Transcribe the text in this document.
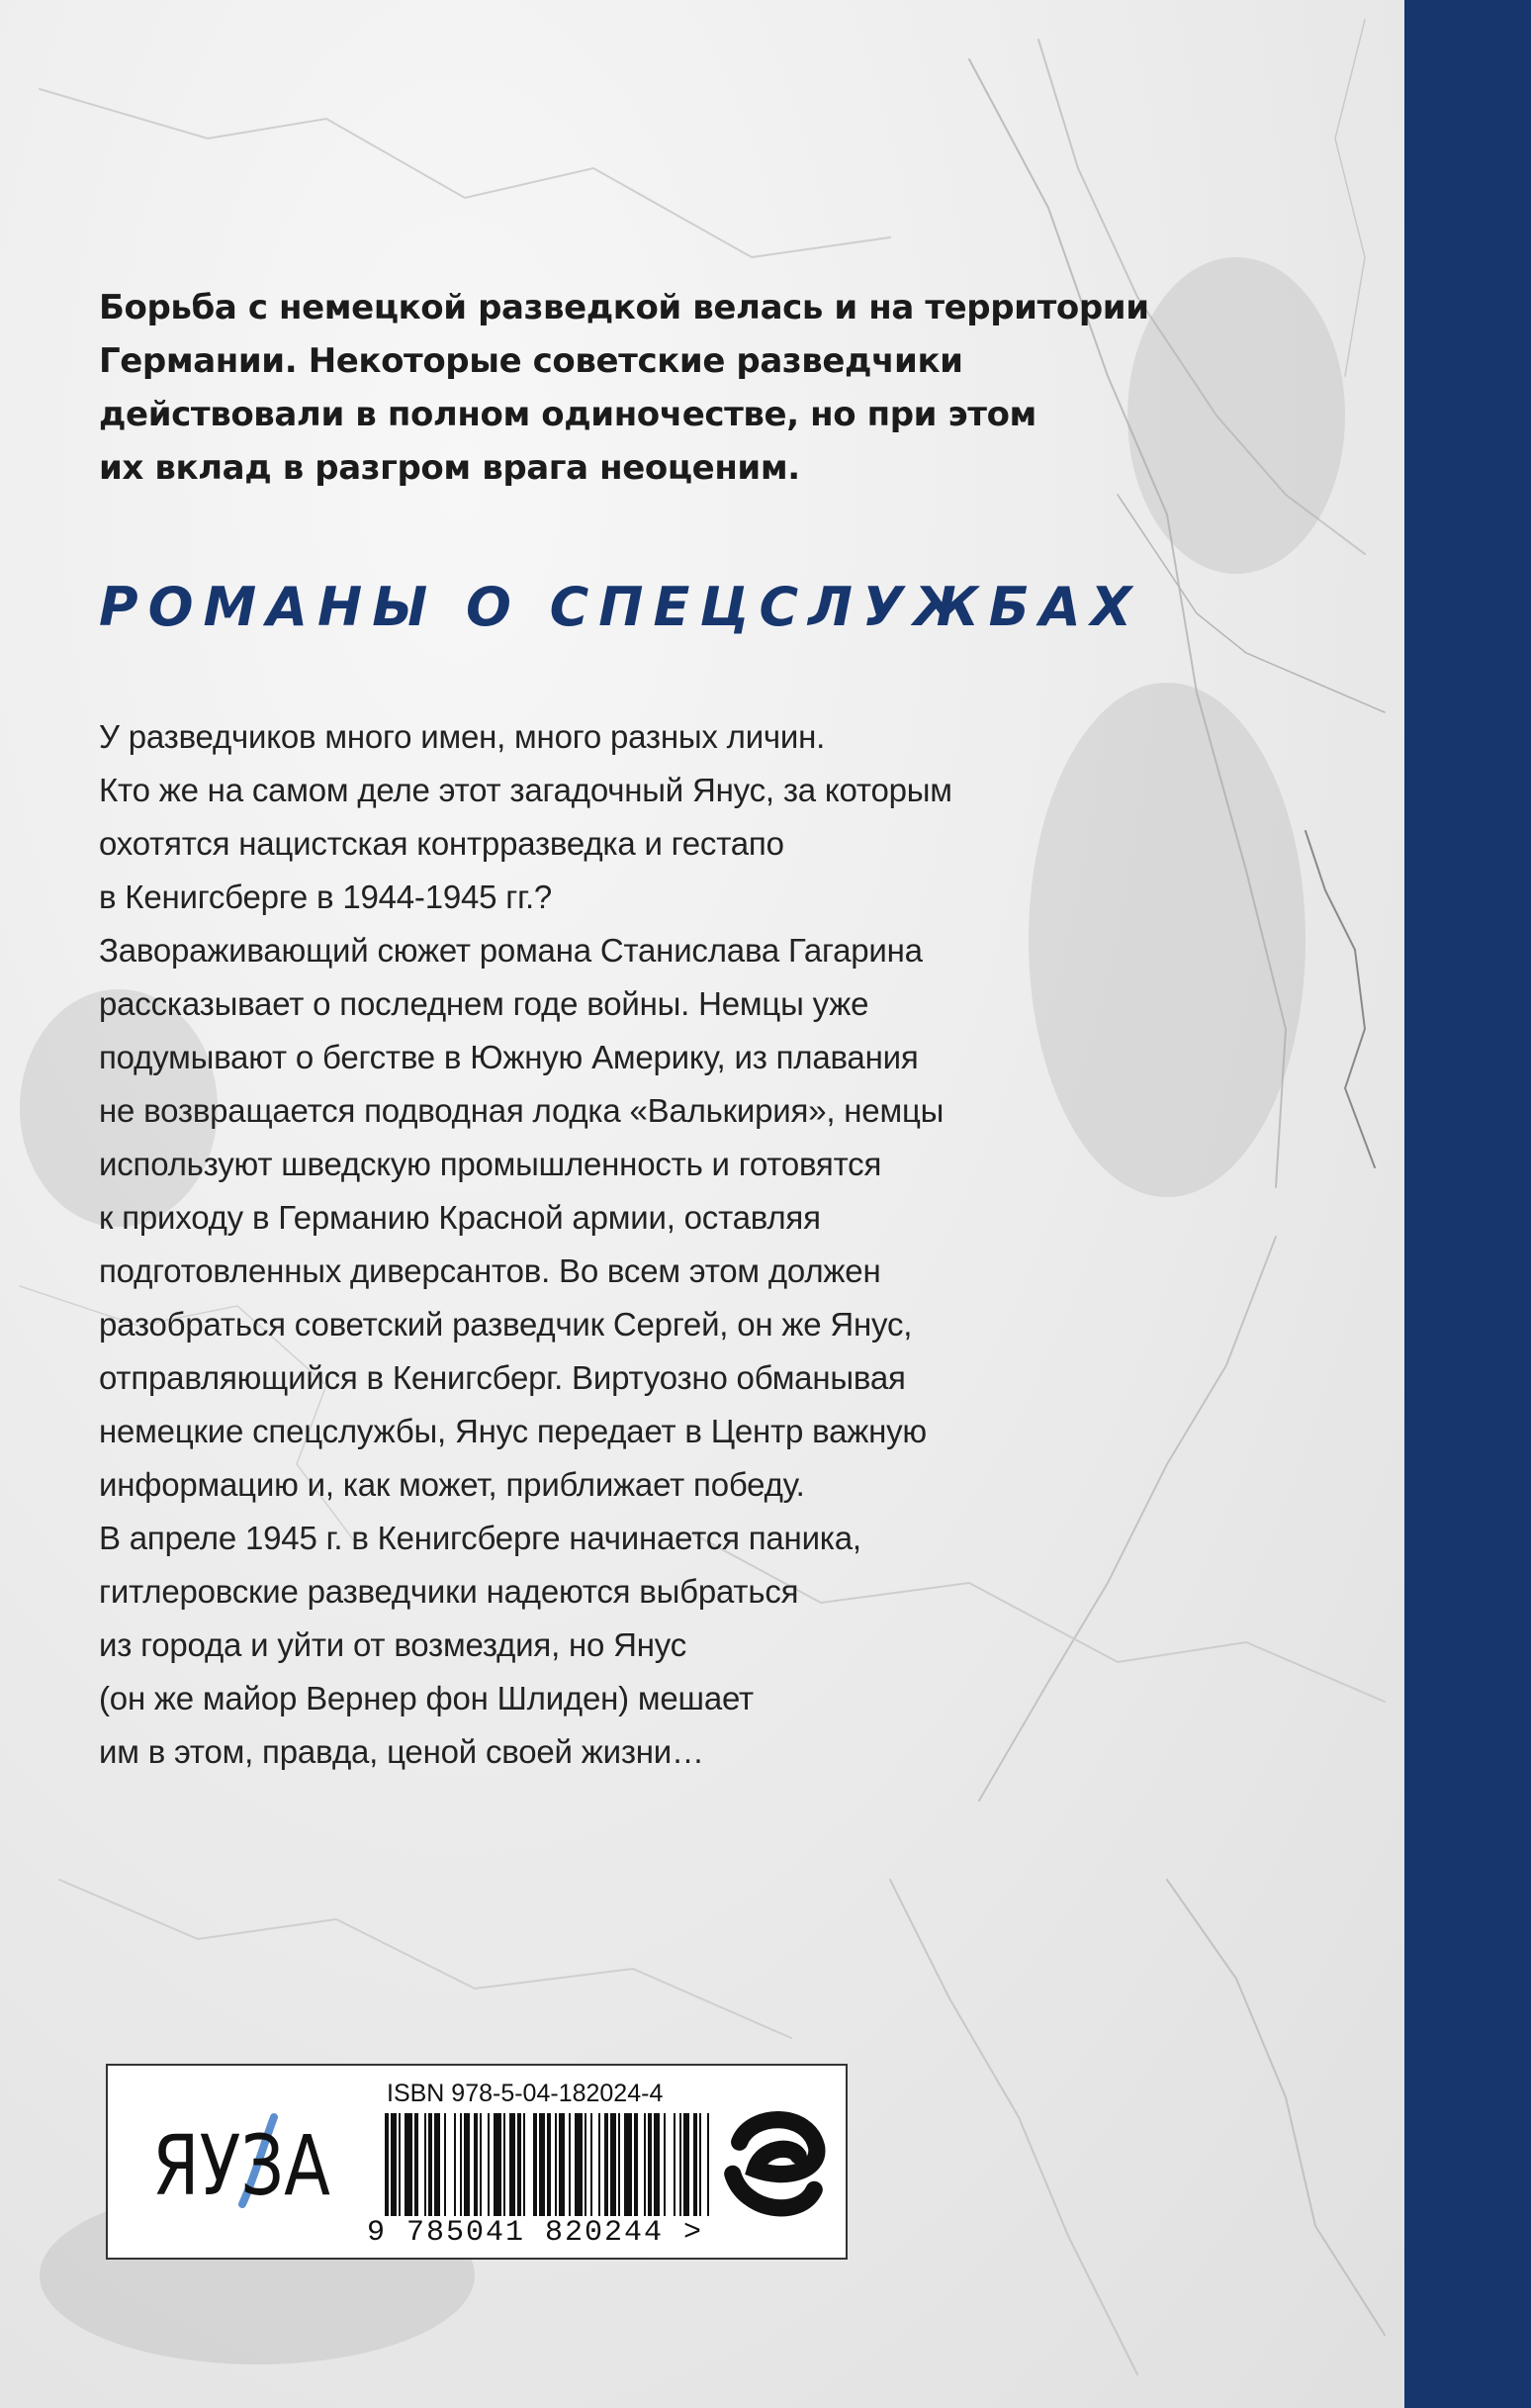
Борьба с немецкой разведкой велась и на территории
Германии. Некоторые советские разведчики
действовали в полном одиночестве, но при этом
их вклад в разгром врага неоценим.

РОМАНЫ О СПЕЦСЛУЖБАХ

У разведчиков много имен, много разных личин.
Кто же на самом деле этот загадочный Янус, за которым
охотятся нацистская контрразведка и гестапо
в Кенигсберге в 1944-1945 гг.?
Завораживающий сюжет романа Станислава Гагарина
рассказывает о последнем годе войны. Немцы уже
подумывают о бегстве в Южную Америку, из плавания
не возвращается подводная лодка «Валькирия», немцы
используют шведскую промышленность и готовятся
к приходу в Германию Красной армии, оставляя
подготовленных диверсантов. Во всем этом должен
разобраться советский разведчик Сергей, он же Янус,
отправляющийся в Кенигсберг. Виртуозно обманывая
немецкие спецслужбы, Янус передает в Центр важную
информацию и, как может, приближает победу.
В апреле 1945 г. в Кенигсберге начинается паника,
гитлеровские разведчики надеются выбраться
из города и уйти от возмездия, но Янус
(он же майор Вернер фон Шлиден) мешает
им в этом, правда, ценой своей жизни…

ЯУЗА

ISBN 978-5-04-182024-4

9 785041 820244 >
